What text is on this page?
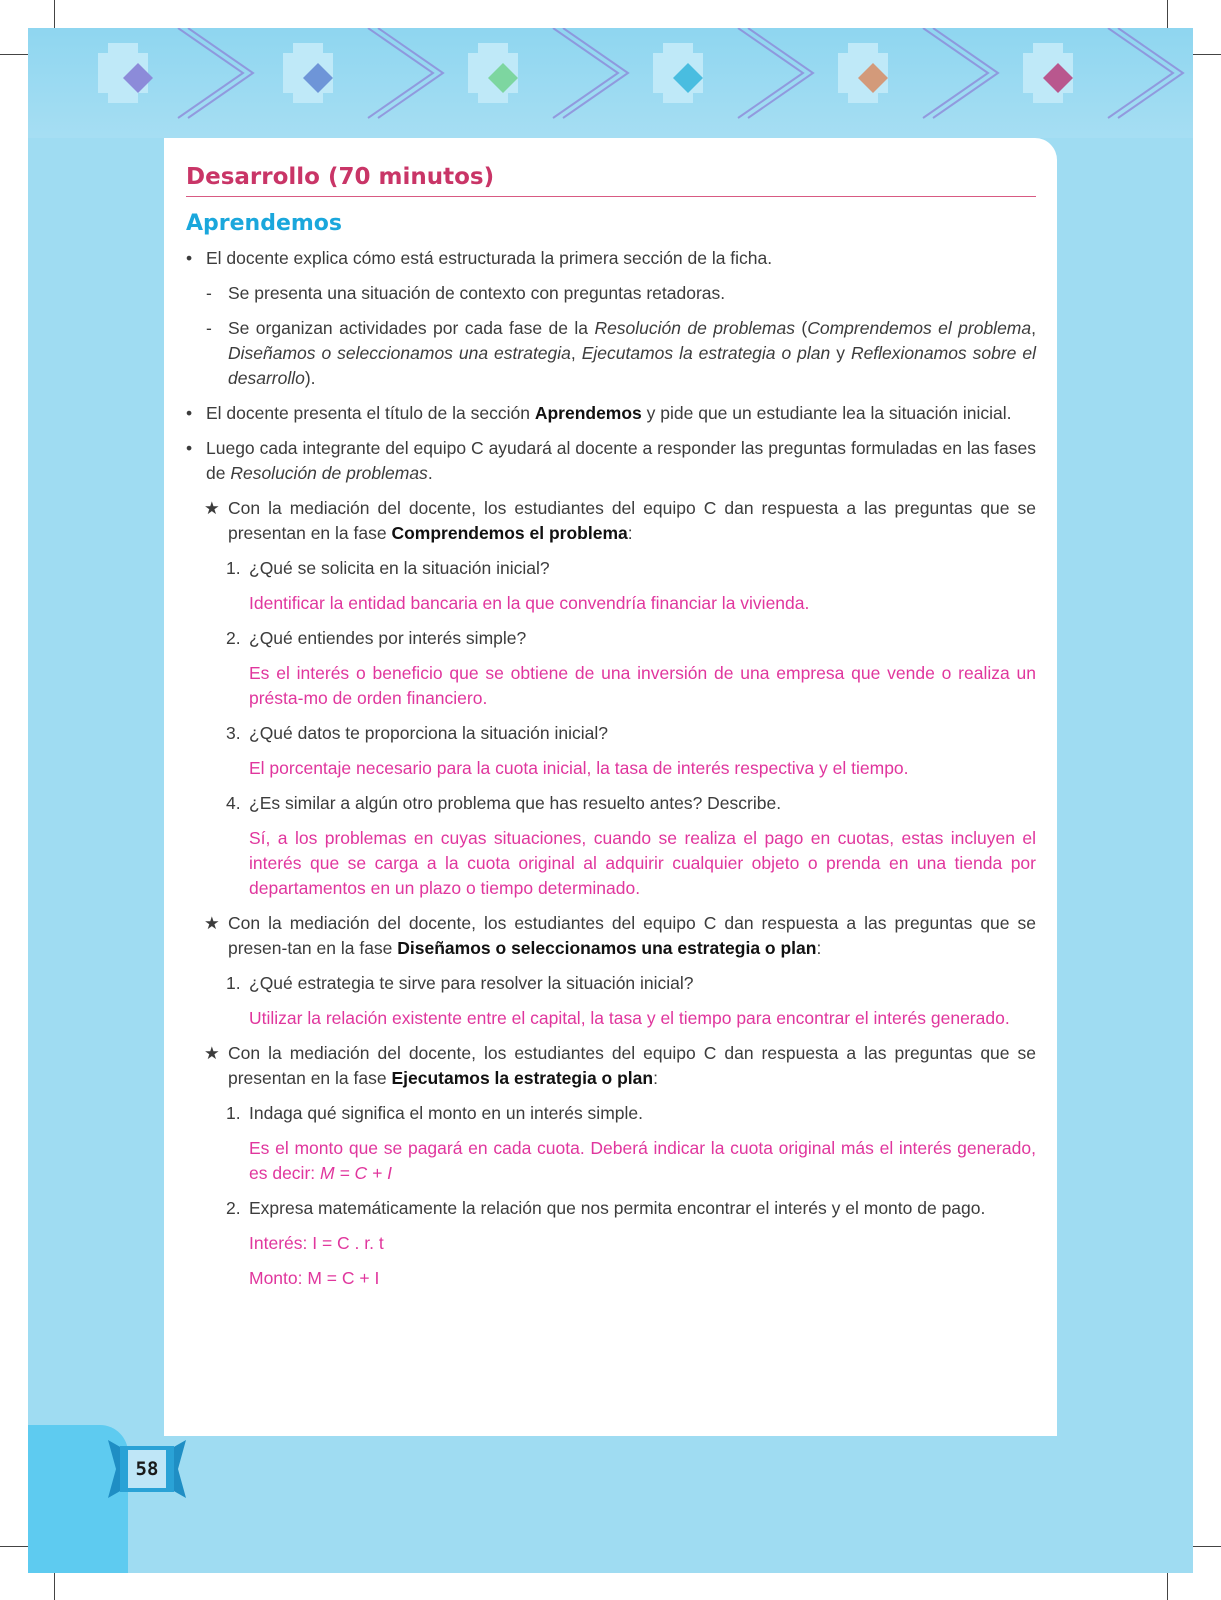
Desarrollo (70 minutos)
Aprendemos
• El docente explica cómo está estructurada la primera sección de la ficha.
- Se presenta una situación de contexto con preguntas retadoras.
- Se organizan actividades por cada fase de la Resolución de problemas (Comprendemos el problema, Diseñamos o seleccionamos una estrategia, Ejecutamos la estrategia o plan y Reflexionamos sobre el desarrollo).
• El docente presenta el título de la sección Aprendemos y pide que un estudiante lea la situación inicial.
• Luego cada integrante del equipo C ayudará al docente a responder las preguntas formuladas en las fases de Resolución de problemas.
★ Con la mediación del docente, los estudiantes del equipo C dan respuesta a las preguntas que se presentan en la fase Comprendemos el problema:
1. ¿Qué se solicita en la situación inicial?
Identificar la entidad bancaria en la que convendría financiar la vivienda.
2. ¿Qué entiendes por interés simple?
Es el interés o beneficio que se obtiene de una inversión de una empresa que vende o realiza un présta-mo de orden financiero.
3. ¿Qué datos te proporciona la situación inicial?
El porcentaje necesario para la cuota inicial, la tasa de interés respectiva y el tiempo.
4. ¿Es similar a algún otro problema que has resuelto antes? Describe.
Sí, a los problemas en cuyas situaciones, cuando se realiza el pago en cuotas, estas incluyen el interés que se carga a la cuota original al adquirir cualquier objeto o prenda en una tienda por departamentos en un plazo o tiempo determinado.
★ Con la mediación del docente, los estudiantes del equipo C dan respuesta a las preguntas que se presen-tan en la fase Diseñamos o seleccionamos una estrategia o plan:
1. ¿Qué estrategia te sirve para resolver la situación inicial?
Utilizar la relación existente entre el capital, la tasa y el tiempo para encontrar el interés generado.
★ Con la mediación del docente, los estudiantes del equipo C dan respuesta a las preguntas que se presentan en la fase Ejecutamos la estrategia o plan:
1. Indaga qué significa el monto en un interés simple.
Es el monto que se pagará en cada cuota. Deberá indicar la cuota original más el interés generado, es decir: M = C + I
2. Expresa matemáticamente la relación que nos permita encontrar el interés y el monto de pago.
Interés: I = C . r. t
Monto: M = C + I
58
